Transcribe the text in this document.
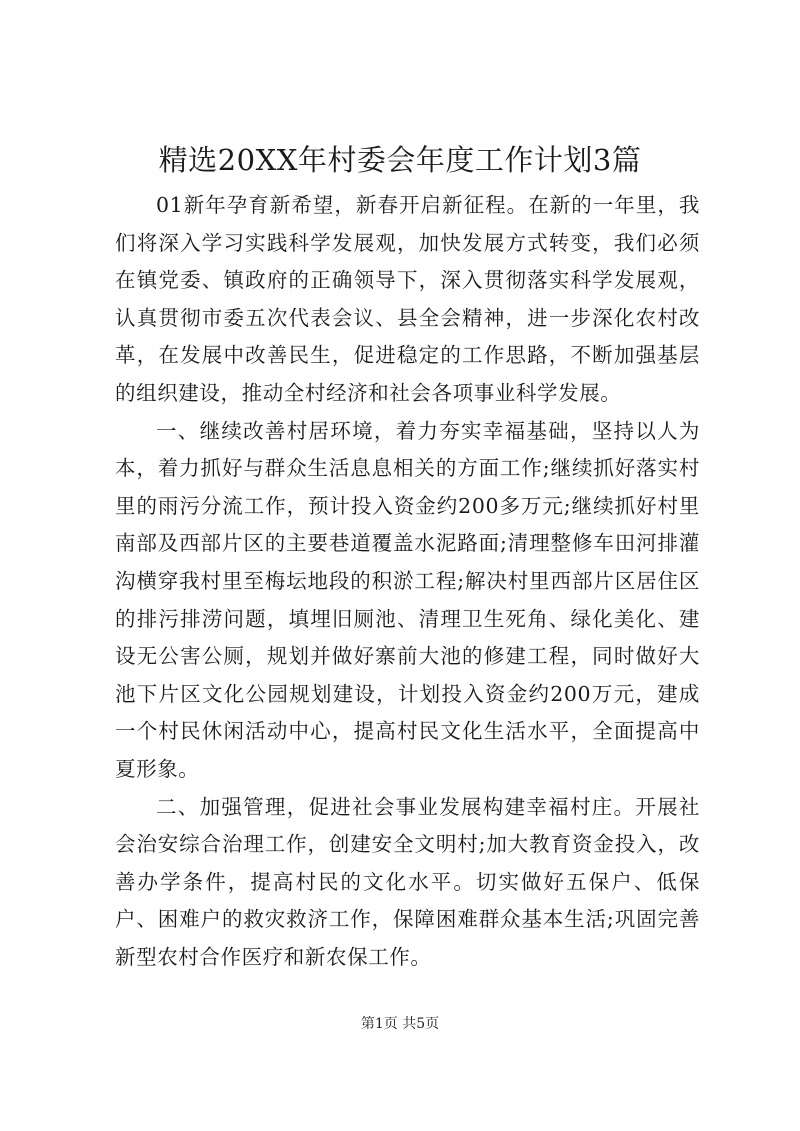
精选20XX年村委会年度工作计划3篇

01新年孕育新希望，新春开启新征程。在新的一年里，我们将深入学习实践科学发展观，加快发展方式转变，我们必须在镇党委、镇政府的正确领导下，深入贯彻落实科学发展观，认真贯彻市委五次代表会议、县全会精神，进一步深化农村改革，在发展中改善民生，促进稳定的工作思路，不断加强基层的组织建设，推动全村经济和社会各项事业科学发展。

一、继续改善村居环境，着力夯实幸福基础，坚持以人为本，着力抓好与群众生活息息相关的方面工作;继续抓好落实村里的雨污分流工作，预计投入资金约200多万元;继续抓好村里南部及西部片区的主要巷道覆盖水泥路面;清理整修车田河排灌沟横穿我村里至梅坛地段的积淤工程;解决村里西部片区居住区的排污排涝问题，填埋旧厕池、清理卫生死角、绿化美化、建设无公害公厕，规划并做好寨前大池的修建工程，同时做好大池下片区文化公园规划建设，计划投入资金约200万元，建成一个村民休闲活动中心，提高村民文化生活水平，全面提高中夏形象。

二、加强管理，促进社会事业发展构建幸福村庄。开展社会治安综合治理工作，创建安全文明村;加大教育资金投入，改善办学条件，提高村民的文化水平。切实做好五保户、低保户、困难户的救灾救济工作，保障困难群众基本生活;巩固完善新型农村合作医疗和新农保工作。

第1页 共5页
